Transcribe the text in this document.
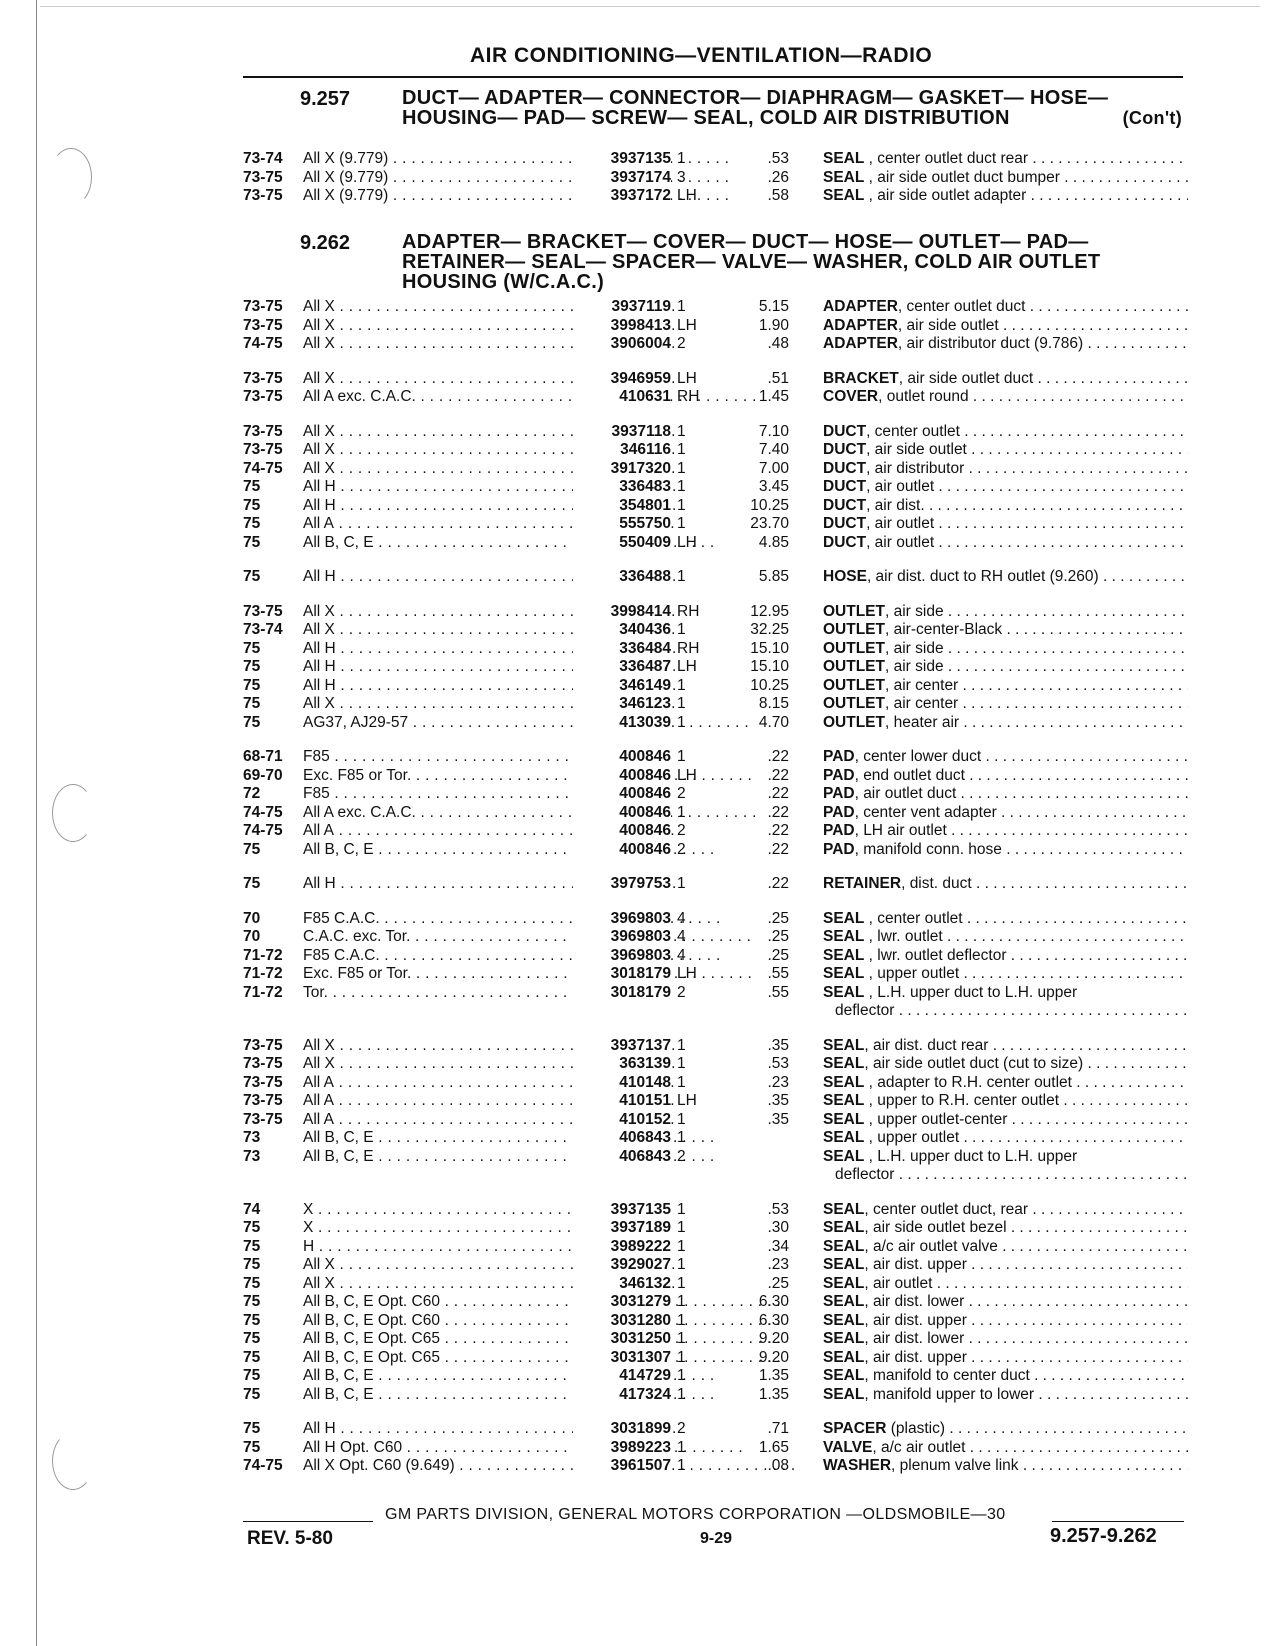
AIR CONDITIONING—VENTILATION—RADIO
9.257	DUCT— ADAPTER— CONNECTOR— DIAPHRAGM— GASKET— HOSE—
HOUSING— PAD— SCREW— SEAL, COLD AIR DISTRIBUTION	(Con't)
73-74	All X (9.779) . . .	3937135 1	.53 SEAL , center outlet duct rear . . .
73-75	All X (9.779) . . .	3937174 3	.26 SEAL , air side outlet duct bumper . . .
73-75	All X (9.779) . . .	3937172 LH	.58 SEAL , air side outlet adapter . . .
9.262	ADAPTER— BRACKET— COVER— DUCT— HOSE— OUTLET— PAD—
RETAINER— SEAL— SPACER— VALVE— WASHER, COLD AIR OUTLET
HOUSING (W/C.A.C.)
73-75	All X . . .	3937119 1	5.15 ADAPTER, center outlet duct . . .
73-75	All X . . .	3998413 LH	1.90 ADAPTER, air side outlet . . .
74-75	All X . . .	3906004 2	.48 ADAPTER, air distributor duct (9.786) . . .
73-75	All X . . .	3946959 LH	.51 BRACKET, air side outlet duct . . .
73-75	All A exc. C.A.C. . . .	410631 RH	1.45 COVER, outlet round . . .
73-75	All X . . .	3937118 1	7.10 DUCT, center outlet . . .
73-75	All X . . .	346116 1	7.40 DUCT, air side outlet . . .
74-75	All X . . .	3917320 1	7.00 DUCT, air distributor . . .
75	All H . . .	336483 1	3.45 DUCT, air outlet . . .
75	All H . . .	354801 1	10.25 DUCT, air dist. . . .
75	All A . . .	555750 1	23.70 DUCT, air outlet . . .
75	All B, C, E . . .	550409 LH	4.85 DUCT, air outlet . . .
75	All H . . .	336488 1	5.85 HOSE, air dist. duct to RH outlet (9.260) . . .
73-75	All X . . .	3998414 RH	12.95 OUTLET, air side . . .
73-74	All X . . .	340436 1	32.25 OUTLET, air-center-Black . . .
75	All H . . .	336484 RH	15.10 OUTLET, air side . . .
75	All H . . .	336487 LH	15.10 OUTLET, air side . . .
75	All H . . .	346149 1	10.25 OUTLET, air center . . .
75	All X . . .	346123 1	8.15 OUTLET, air center . . .
75	AG37, AJ29-57 . . .	413039 1	4.70 OUTLET, heater air . . .
68-71	F85 . . .	400846 1	.22 PAD, center lower duct . . .
69-70	Exc. F85 or Tor. . . .	400846 LH	.22 PAD, end outlet duct . . .
72	F85 . . .	400846 2	.22 PAD, air outlet duct . . .
74-75	All A exc. C.A.C. . . .	400846 1	.22 PAD, center vent adapter . . .
74-75	All A . . .	400846 2	.22 PAD, LH air outlet . . .
75	All B, C, E . . .	400846 2	.22 PAD, manifold conn. hose . . .
75	All H . . .	3979753 1	.22 RETAINER, dist. duct . . .
70	F85 C.A.C. . . .	3969803 4	.25 SEAL , center outlet . . .
70	C.A.C. exc. Tor. . . .	3969803 4	.25 SEAL , lwr. outlet . . .
71-72	F85 C.A.C. . . .	3969803 4	.25 SEAL , lwr. outlet deflector . . .
71-72	Exc. F85 or Tor. . . .	3018179 LH	.55 SEAL , upper outlet . . .
71-72	Tor. . . .	3018179 2	.55 SEAL , L.H. upper duct to L.H. upper
deflector . . .
73-75	All X . . .	3937137 1	.35 SEAL, air dist. duct rear . . .
73-75	All X . . .	363139 1	.53 SEAL, air side outlet duct (cut to size) . . .
73-75	All A . . .	410148 1	.23 SEAL , adapter to R.H. center outlet . . .
73-75	All A . . .	410151 LH	.35 SEAL , upper to R.H. center outlet . . .
73-75	All A . . .	410152 1	.35 SEAL , upper outlet-center . . .
73	All B, C, E . . .	406843 1	SEAL , upper outlet . . .
73	All B, C, E . . .	406843 2	SEAL , L.H. upper duct to L.H. upper
deflector . . .
74	X . . .	3937135 1	.53 SEAL, center outlet duct, rear . . .
75	X . . .	3937189 1	.30 SEAL, air side outlet bezel . . .
75	H . . .	3989222 1	.34 SEAL, a/c air outlet valve . . .
75	All X . . .	3929027 1	.23 SEAL, air dist. upper . . .
75	All X . . .	346132 1	.25 SEAL, air outlet . . .
75	All B, C, E Opt. C60 . . .	3031279 1	6.30 SEAL, air dist. lower . . .
75	All B, C, E Opt. C60 . . .	3031280 1	6.30 SEAL, air dist. upper . . .
75	All B, C, E Opt. C65 . . .	3031250 1	9.20 SEAL, air dist. lower . . .
75	All B, C, E Opt. C65 . . .	3031307 1	9.20 SEAL, air dist. upper . . .
75	All B, C, E . . .	414729 1	1.35 SEAL, manifold to center duct . . .
75	All B, C, E . . .	417324 1	1.35 SEAL, manifold upper to lower . . .
75	All H . . .	3031899 2	.71 SPACER (plastic) . . .
75	All H Opt. C60 . . .	3989223 1	1.65 VALVE, a/c air outlet . . .
74-75	All X Opt. C60 (9.649) . . .	3961507 1	.08 WASHER, plenum valve link . . .
GM PARTS DIVISION, GENERAL MOTORS CORPORATION —OLDSMOBILE—30
REV. 5-80	9-29	9.257-9.262
